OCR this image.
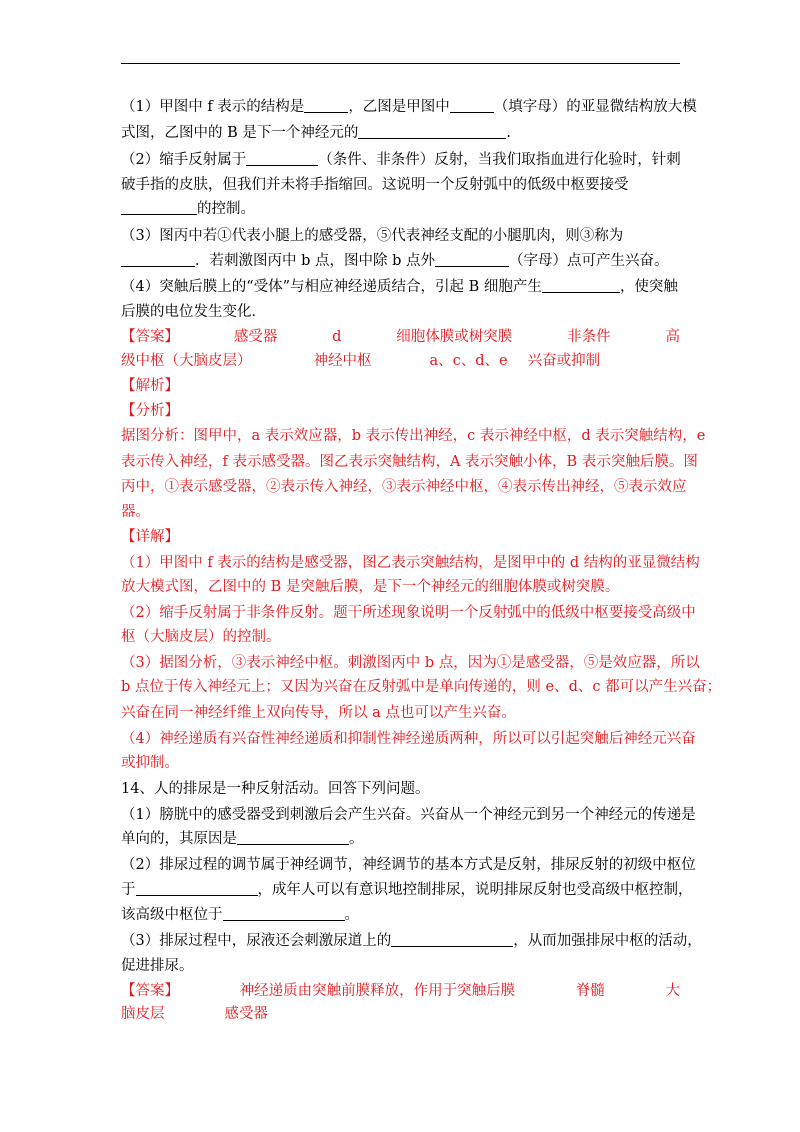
（1）甲图中 f 表示的结构是	，乙图是甲图中	（填字母）的亚显微结构放大模
式图，乙图中的 B 是下一个神经元的	.
（2）缩手反射属于	（条件、非条件）反射，当我们取指血进行化验时，针刺
破手指的皮肤，但我们并未将手指缩回。这说明一个反射弧中的低级中枢要接受
的控制。
（3）图丙中若①代表小腿上的感受器，⑤代表神经支配的小腿肌肉，则③称为
．若刺激图丙中 b 点，图中除 b 点外	（字母）点可产生兴奋。
（4）突触后膜上的“受体”与相应神经递质结合，引起 B 细胞产生	，使突触
后膜的电位发生变化．
【答案】	感受器	d	细胞体膜或树突膜	非条件	高
级中枢（大脑皮层）	神经中枢	a、c、d、e 兴奋或抑制
【解析】
【分析】
据图分析：图甲中，a 表示效应器，b 表示传出神经，c 表示神经中枢，d 表示突触结构，e
表示传入神经，f 表示感受器。图乙表示突触结构，A 表示突触小体，B 表示突触后膜。图
丙中，①表示感受器，②表示传入神经，③表示神经中枢，④表示传出神经，⑤表示效应
器。
【详解】
（1）甲图中 f 表示的结构是感受器，图乙表示突触结构，是图甲中的 d 结构的亚显微结构
放大模式图，乙图中的 B 是突触后膜，是下一个神经元的细胞体膜或树突膜。
（2）缩手反射属于非条件反射。题干所述现象说明一个反射弧中的低级中枢要接受高级中
枢（大脑皮层）的控制。
（3）据图分析，③表示神经中枢。刺激图丙中 b 点，因为①是感受器，⑤是效应器，所以
b 点位于传入神经元上；又因为兴奋在反射弧中是单向传递的，则 e、d、c 都可以产生兴奋；
兴奋在同一神经纤维上双向传导，所以 a 点也可以产生兴奋。
（4）神经递质有兴奋性神经递质和抑制性神经递质两种，所以可以引起突触后神经元兴奋
或抑制。
14、人的排尿是一种反射活动。回答下列问题。
（1）膀胱中的感受器受到刺激后会产生兴奋。兴奋从一个神经元到另一个神经元的传递是
单向的，其原因是	。
（2）排尿过程的调节属于神经调节，神经调节的基本方式是反射，排尿反射的初级中枢位
于	，成年人可以有意识地控制排尿，说明排尿反射也受高级中枢控制，
该高级中枢位于	。
（3）排尿过程中，尿液还会刺激尿道上的	，从而加强排尿中枢的活动，
促进排尿。
【答案】	神经递质由突触前膜释放，作用于突触后膜	脊髓	大
脑皮层	感受器
